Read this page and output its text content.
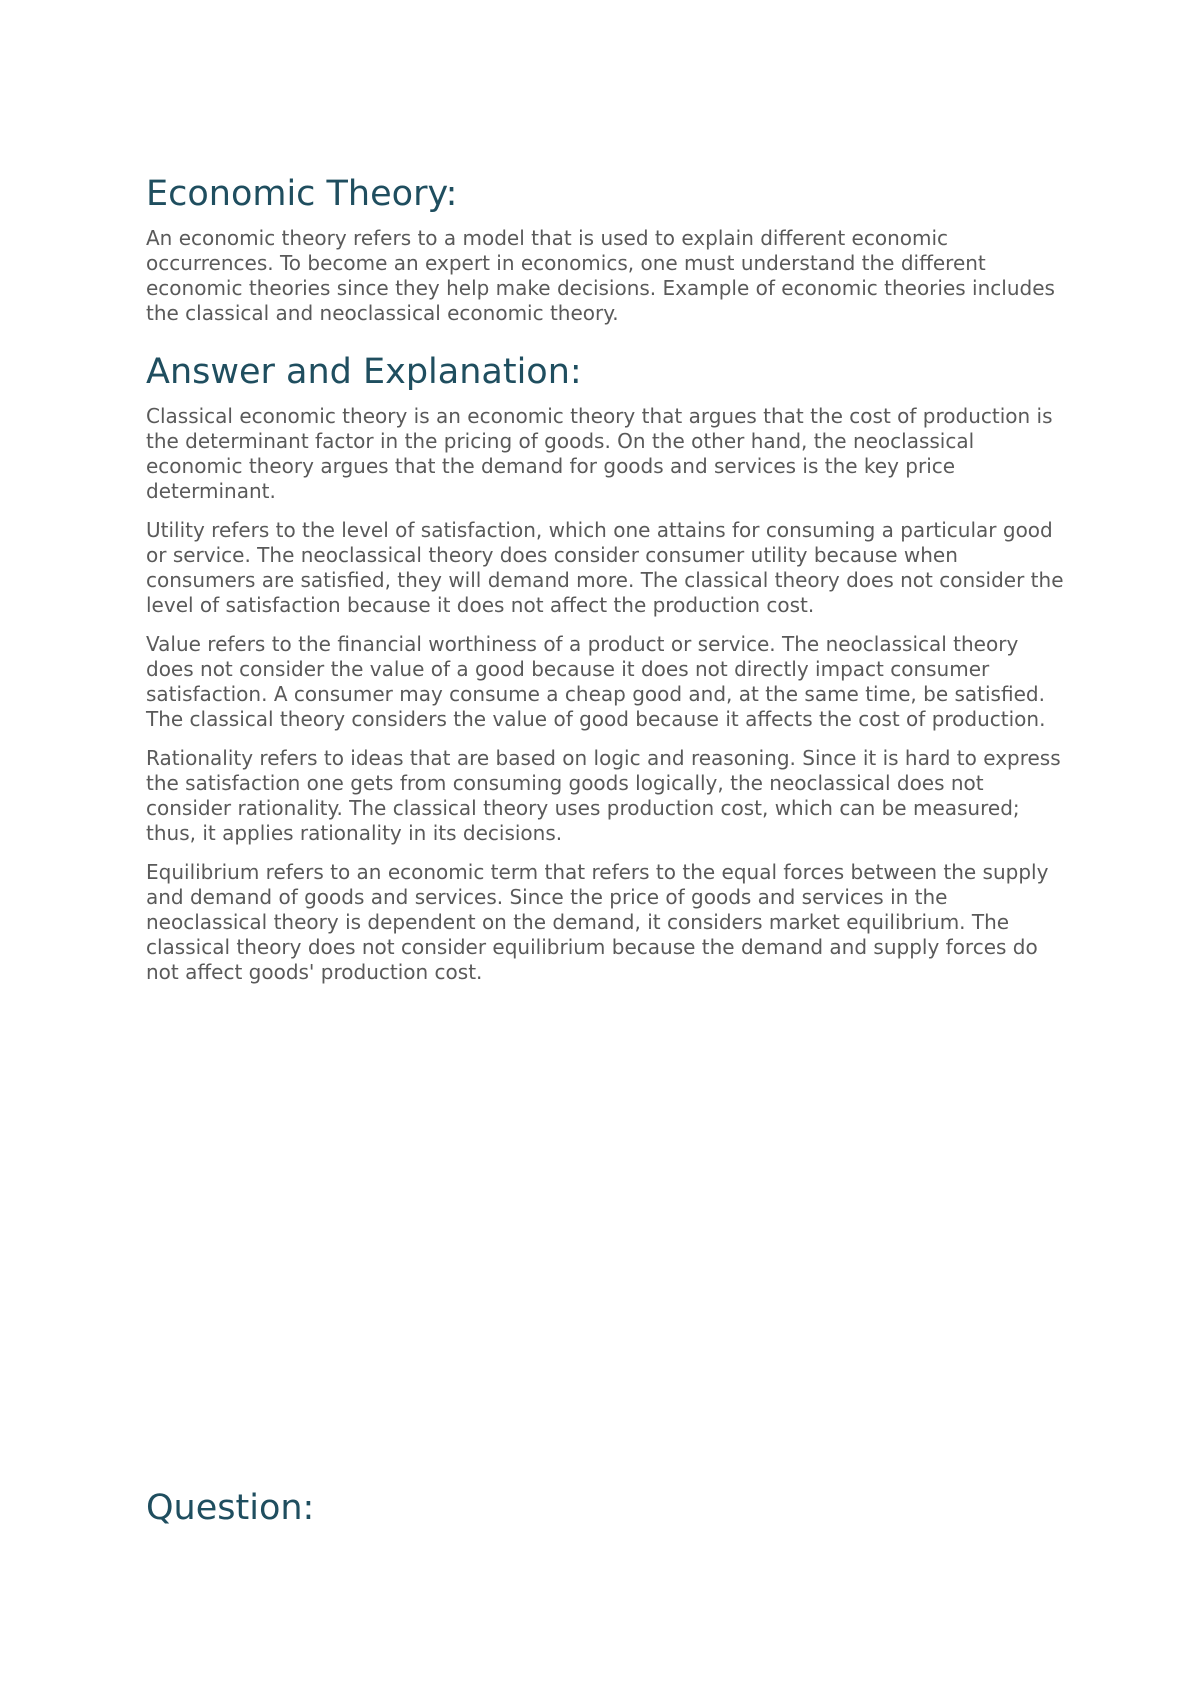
Economic Theory:

An economic theory refers to a model that is used to explain different economic occurrences. To become an expert in economics, one must understand the different economic theories since they help make decisions. Example of economic theories includes the classical and neoclassical economic theory.

Answer and Explanation:

Classical economic theory is an economic theory that argues that the cost of production is the determinant factor in the pricing of goods. On the other hand, the neoclassical economic theory argues that the demand for goods and services is the key price determinant.

Utility refers to the level of satisfaction, which one attains for consuming a particular good or service. The neoclassical theory does consider consumer utility because when consumers are satisfied, they will demand more. The classical theory does not consider the level of satisfaction because it does not affect the production cost.

Value refers to the financial worthiness of a product or service. The neoclassical theory does not consider the value of a good because it does not directly impact consumer satisfaction. A consumer may consume a cheap good and, at the same time, be satisfied. The classical theory considers the value of good because it affects the cost of production.

Rationality refers to ideas that are based on logic and reasoning. Since it is hard to express the satisfaction one gets from consuming goods logically, the neoclassical does not consider rationality. The classical theory uses production cost, which can be measured; thus, it applies rationality in its decisions.

Equilibrium refers to an economic term that refers to the equal forces between the supply and demand of goods and services. Since the price of goods and services in the neoclassical theory is dependent on the demand, it considers market equilibrium. The classical theory does not consider equilibrium because the demand and supply forces do not affect goods' production cost.

Question:
